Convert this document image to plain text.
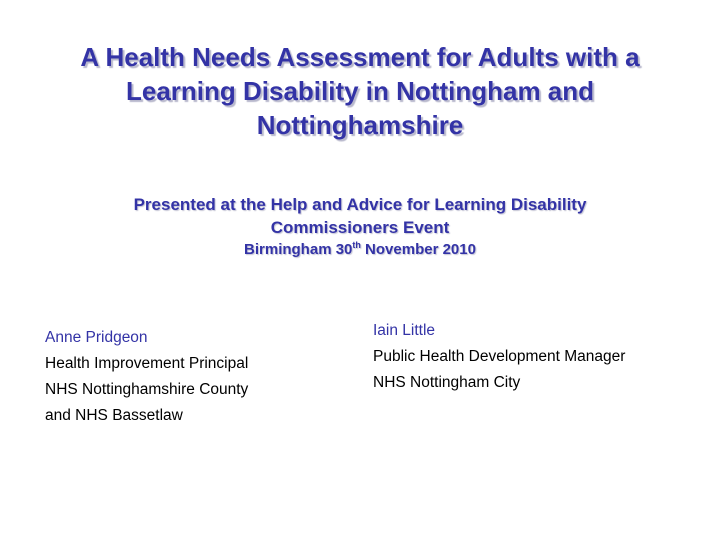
A Health Needs Assessment for Adults with a Learning Disability in Nottingham and Nottinghamshire
Presented at the Help and Advice for Learning Disability
Commissioners Event
Birmingham 30th November 2010
Anne Pridgeon
Health Improvement Principal
NHS Nottinghamshire County
and NHS Bassetlaw
Iain Little
Public Health Development Manager
NHS Nottingham City
